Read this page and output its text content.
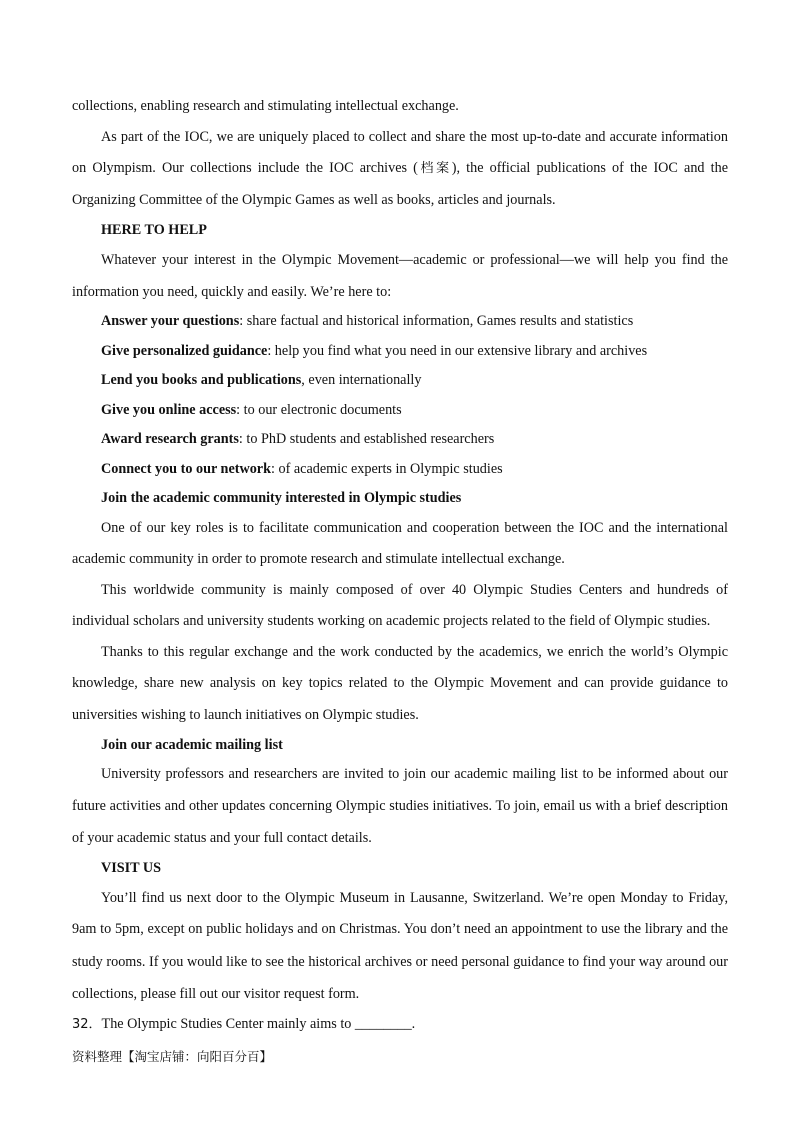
collections, enabling research and stimulating intellectual exchange.
As part of the IOC, we are uniquely placed to collect and share the most up-to-date and accurate information
on Olympism. Our collections include the IOC archives (档案), the official publications of the IOC and the
Organizing Committee of the Olympic Games as well as books, articles and journals.
HERE TO HELP
Whatever your interest in the Olympic Movement—academic or professional—we will help you find the
information you need, quickly and easily. We’re here to:
Answer your questions: share factual and historical information, Games results and statistics
Give personalized guidance: help you find what you need in our extensive library and archives
Lend you books and publications, even internationally
Give you online access: to our electronic documents
Award research grants: to PhD students and established researchers
Connect you to our network: of academic experts in Olympic studies
Join the academic community interested in Olympic studies
One of our key roles is to facilitate communication and cooperation between the IOC and the international
academic community in order to promote research and stimulate intellectual exchange.
This worldwide community is mainly composed of over 40 Olympic Studies Centers and hundreds of
individual scholars and university students working on academic projects related to the field of Olympic studies.
Thanks to this regular exchange and the work conducted by the academics, we enrich the world’s Olympic
knowledge, share new analysis on key topics related to the Olympic Movement and can provide guidance to
universities wishing to launch initiatives on Olympic studies.
Join our academic mailing list
University professors and researchers are invited to join our academic mailing list to be informed about our
future activities and other updates concerning Olympic studies initiatives. To join, email us with a brief description
of your academic status and your full contact details.
VISIT US
You’ll find us next door to the Olympic Museum in Lausanne, Switzerland. We’re open Monday to Friday,
9am to 5pm, except on public holidays and on Christmas. You don’t need an appointment to use the library and the
study rooms. If you would like to see the historical archives or need personal guidance to find your way around our
collections, please fill out our visitor request form.
32．The Olympic Studies Center mainly aims to ________.
资料整理【淘宝店铺：向阳百分百】
